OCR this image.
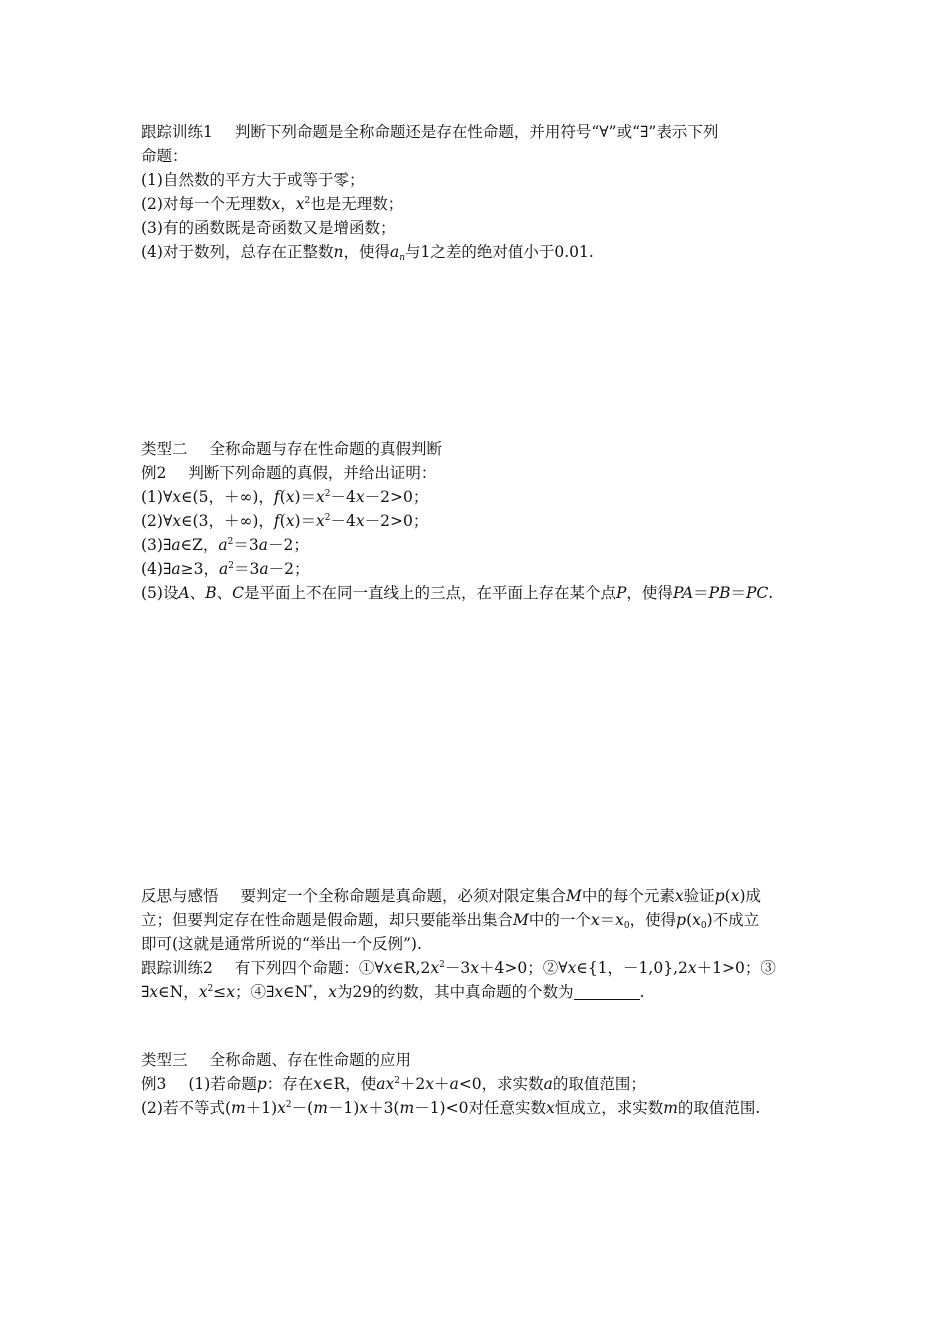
跟踪训练1 判断下列命题是全称命题还是存在性命题，并用符号“∀”或“∃”表示下列
命题：
(1)自然数的平方大于或等于零；
(2)对每一个无理数x，$x^2$也是无理数；
(3)有的函数既是奇函数又是增函数；
(4)对于数列，总存在正整数n，使得$a_n$与1之差的绝对值小于0.01.
类型二 全称命题与存在性命题的真假判断
例2 判断下列命题的真假，并给出证明：
(1)∀x∈(5，＋∞)，$f(x)=x^2-4x-2>0$；
(2)∀x∈(3，＋∞)，$f(x)=x^2-4x-2>0$；
(3)∃a∈Z，$a^2=3a-2$；
(4)∃a≥3，$a^2=3a-2$；
(5)设A、B、C是平面上不在同一直线上的三点，在平面上存在某个点P，使得PA＝PB＝PC.
反思与感悟 要判定一个全称命题是真命题，必须对限定集合M中的每个元素x验证p(x)成
立；但要判定存在性命题是假命题，却只要能举出集合M中的一个$x=x_0$，使得$p(x_0)$不成立
即可(这就是通常所说的“举出一个反例”).
跟踪训练2 有下列四个命题：$①\forall x\in R,2x^2-3x+4>0$；②∀x∈{1，－1,0},2x＋1>0；③
∃x∈N，$x^2\le x$；④∃x∈N*，x为29的约数，其中真命题的个数为	.
类型三 全称命题、存在性命题的应用
例3 (1)若命题p：存在x∈R，使$ax^2+2x+a<0$，求实数a的取值范围；
(2)若不等式$(m+1)x^2-(m-1)x+3(m-1)<0$对任意实数x恒成立，求实数m的取值范围.
